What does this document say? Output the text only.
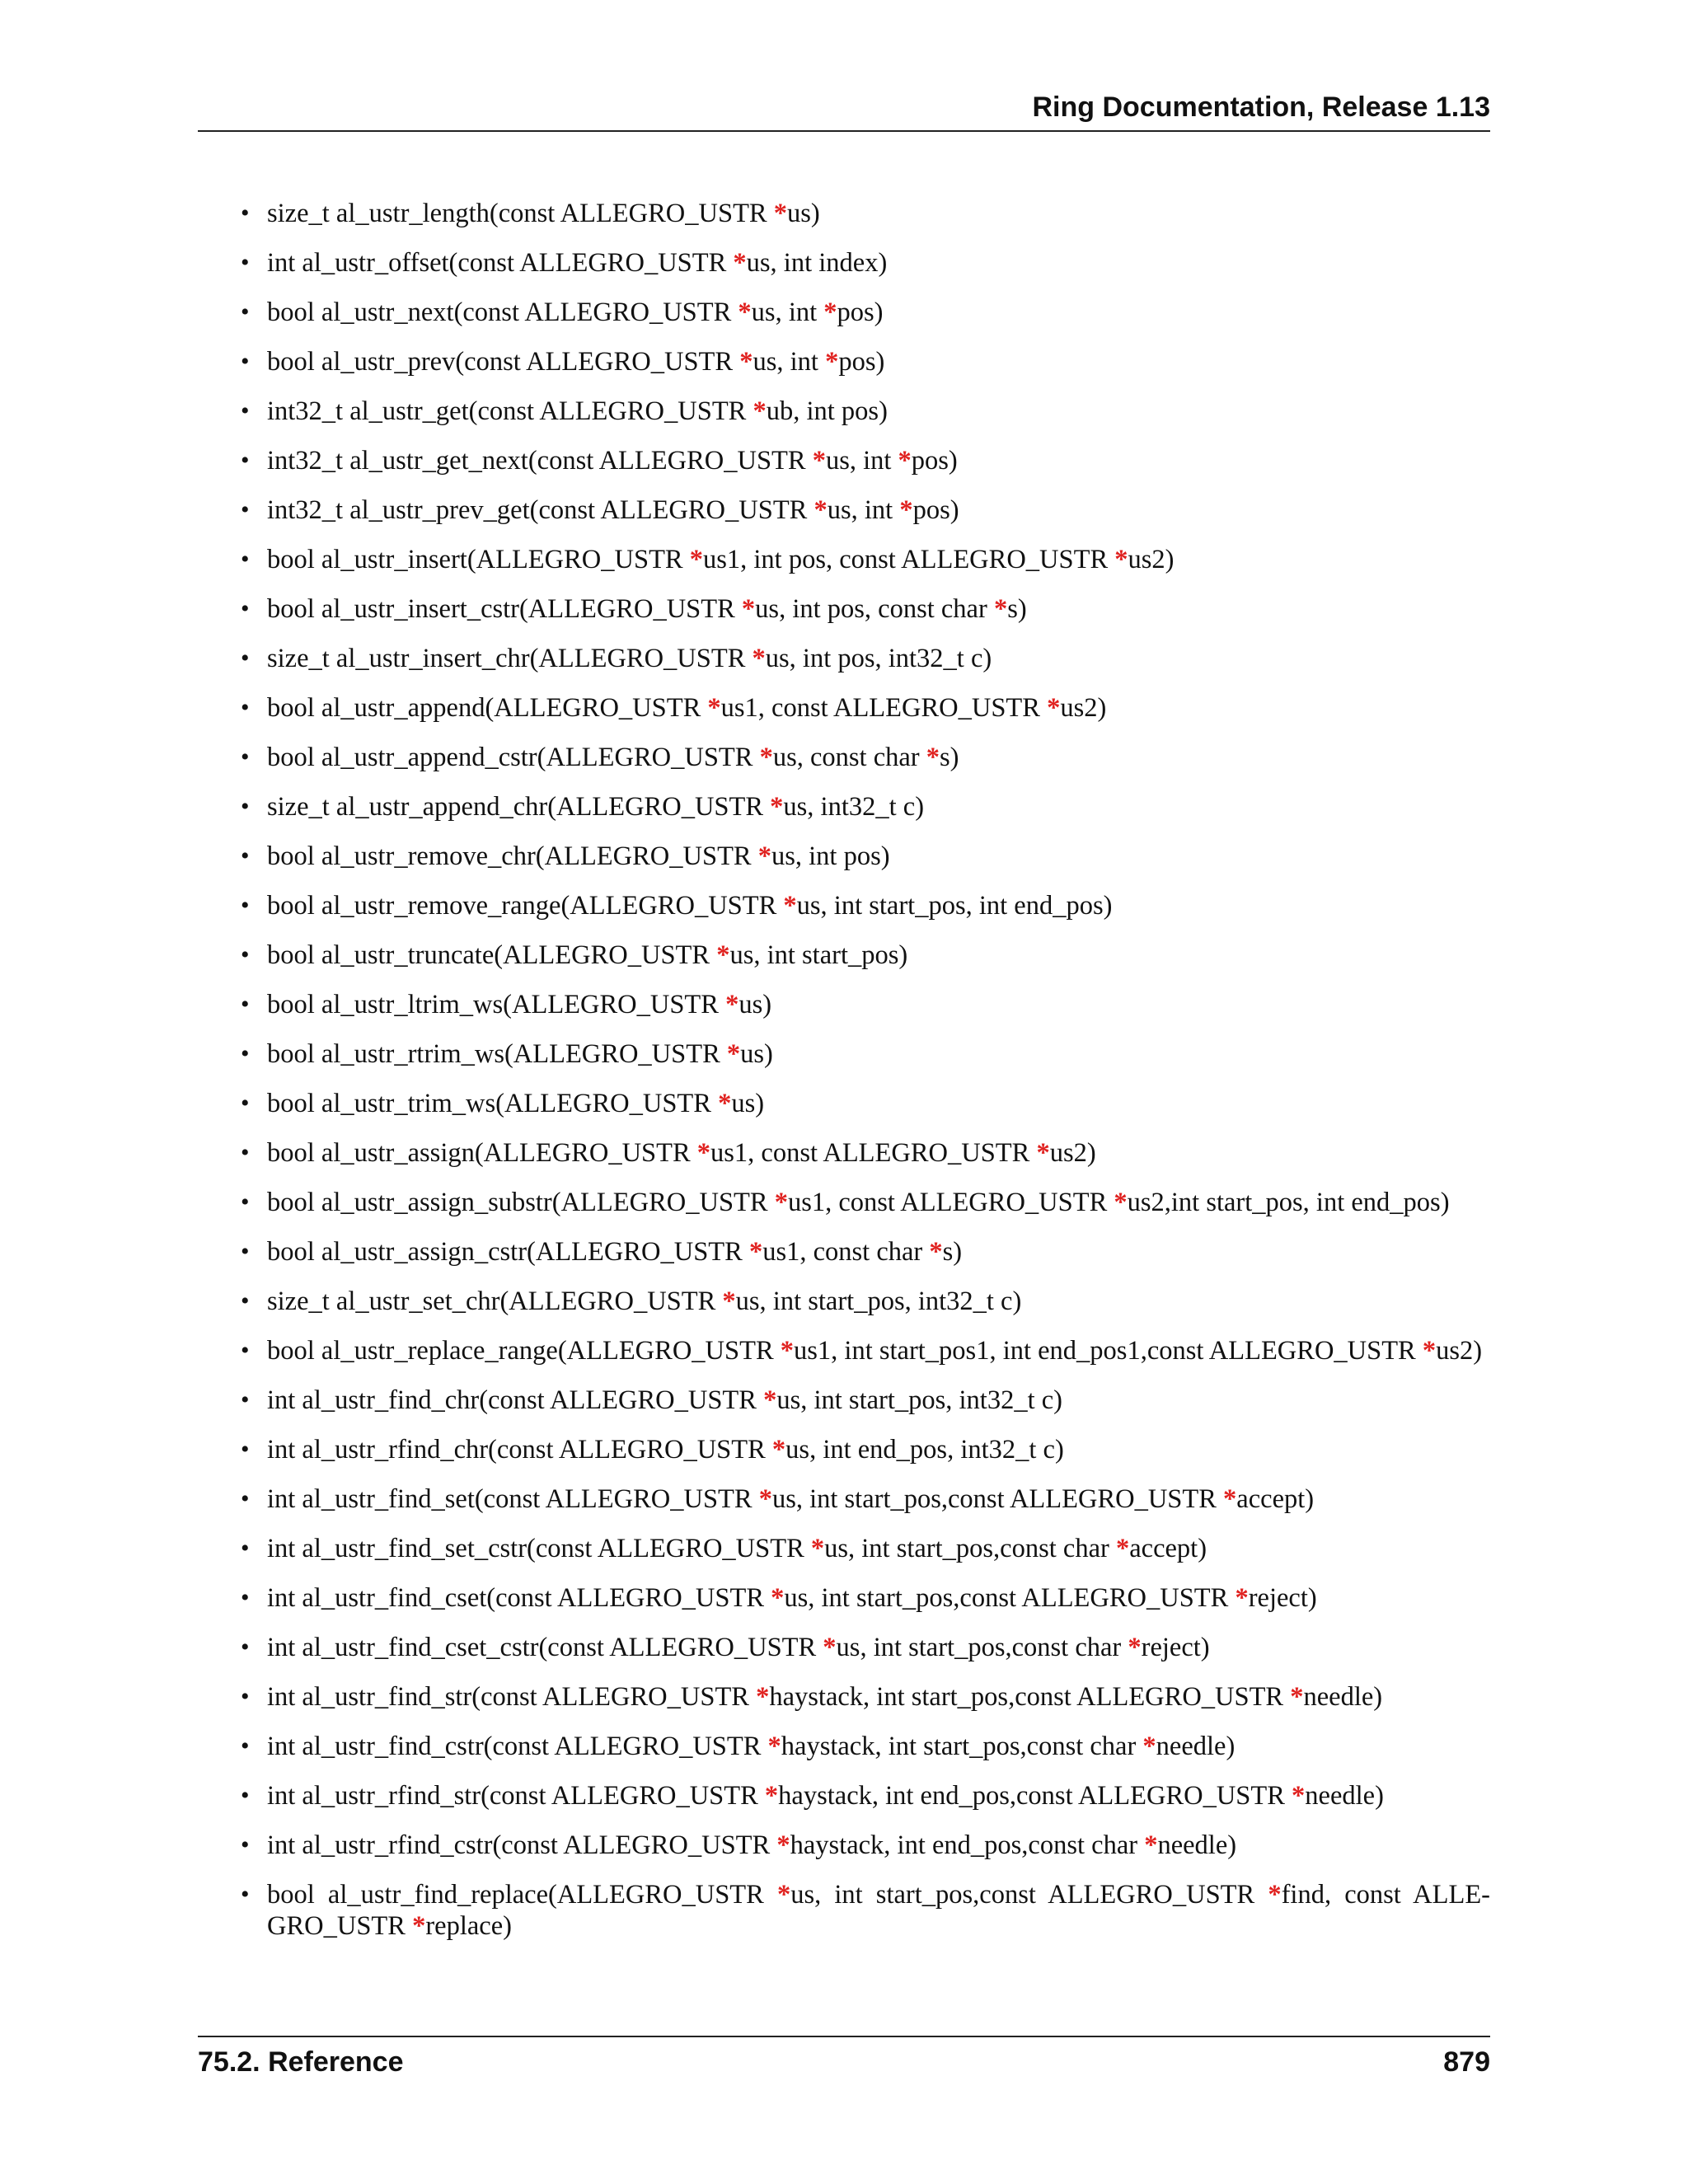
Ring Documentation, Release 1.13
• size_t al_ustr_length(const ALLEGRO_USTR *us)
• int al_ustr_offset(const ALLEGRO_USTR *us, int index)
• bool al_ustr_next(const ALLEGRO_USTR *us, int *pos)
• bool al_ustr_prev(const ALLEGRO_USTR *us, int *pos)
• int32_t al_ustr_get(const ALLEGRO_USTR *ub, int pos)
• int32_t al_ustr_get_next(const ALLEGRO_USTR *us, int *pos)
• int32_t al_ustr_prev_get(const ALLEGRO_USTR *us, int *pos)
• bool al_ustr_insert(ALLEGRO_USTR *us1, int pos, const ALLEGRO_USTR *us2)
• bool al_ustr_insert_cstr(ALLEGRO_USTR *us, int pos, const char *s)
• size_t al_ustr_insert_chr(ALLEGRO_USTR *us, int pos, int32_t c)
• bool al_ustr_append(ALLEGRO_USTR *us1, const ALLEGRO_USTR *us2)
• bool al_ustr_append_cstr(ALLEGRO_USTR *us, const char *s)
• size_t al_ustr_append_chr(ALLEGRO_USTR *us, int32_t c)
• bool al_ustr_remove_chr(ALLEGRO_USTR *us, int pos)
• bool al_ustr_remove_range(ALLEGRO_USTR *us, int start_pos, int end_pos)
• bool al_ustr_truncate(ALLEGRO_USTR *us, int start_pos)
• bool al_ustr_ltrim_ws(ALLEGRO_USTR *us)
• bool al_ustr_rtrim_ws(ALLEGRO_USTR *us)
• bool al_ustr_trim_ws(ALLEGRO_USTR *us)
• bool al_ustr_assign(ALLEGRO_USTR *us1, const ALLEGRO_USTR *us2)
• bool al_ustr_assign_substr(ALLEGRO_USTR *us1, const ALLEGRO_USTR *us2,int start_pos, int end_pos)
• bool al_ustr_assign_cstr(ALLEGRO_USTR *us1, const char *s)
• size_t al_ustr_set_chr(ALLEGRO_USTR *us, int start_pos, int32_t c)
• bool al_ustr_replace_range(ALLEGRO_USTR *us1, int start_pos1, int end_pos1,const ALLEGRO_USTR *us2)
• int al_ustr_find_chr(const ALLEGRO_USTR *us, int start_pos, int32_t c)
• int al_ustr_rfind_chr(const ALLEGRO_USTR *us, int end_pos, int32_t c)
• int al_ustr_find_set(const ALLEGRO_USTR *us, int start_pos,const ALLEGRO_USTR *accept)
• int al_ustr_find_set_cstr(const ALLEGRO_USTR *us, int start_pos,const char *accept)
• int al_ustr_find_cset(const ALLEGRO_USTR *us, int start_pos,const ALLEGRO_USTR *reject)
• int al_ustr_find_cset_cstr(const ALLEGRO_USTR *us, int start_pos,const char *reject)
• int al_ustr_find_str(const ALLEGRO_USTR *haystack, int start_pos,const ALLEGRO_USTR *needle)
• int al_ustr_find_cstr(const ALLEGRO_USTR *haystack, int start_pos,const char *needle)
• int al_ustr_rfind_str(const ALLEGRO_USTR *haystack, int end_pos,const ALLEGRO_USTR *needle)
• int al_ustr_rfind_cstr(const ALLEGRO_USTR *haystack, int end_pos,const char *needle)
• bool al_ustr_find_replace(ALLEGRO_USTR *us, int start_pos,const ALLEGRO_USTR *find, const ALLE- GRO_USTR *replace)
75.2. Reference	879
